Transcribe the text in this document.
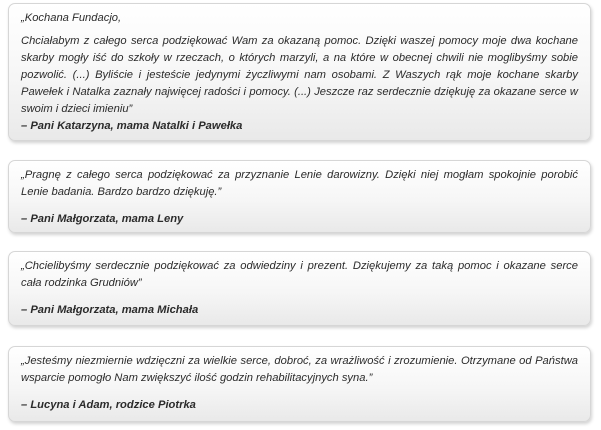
„Kochana Fundacjo,

Chciałabym z całego serca podziękować Wam za okazaną pomoc. Dzięki waszej pomocy moje dwa kochane skarby mogły iść do szkoły w rzeczach, o których marzyli, a na które w obecnej chwili nie moglibyśmy sobie pozwolić. (...) Byliście i jesteście jedynymi życzliwymi nam osobami. Z Waszych rąk moje kochane skarby Pawełek i Natalka zaznały najwięcej radości i pomocy. (...) Jeszcze raz serdecznie dziękuję za okazane serce w swoim i dzieci imieniu”

– Pani Katarzyna, mama Natalki i Pawełka

„Pragnę z całego serca podziękować za przyznanie Lenie darowizny. Dzięki niej mogłam spokojnie porobić Lenie badania. Bardzo bardzo dziękuję.”

– Pani Małgorzata, mama Leny

„Chcielibyśmy serdecznie podziękować za odwiedziny i prezent. Dziękujemy za taką pomoc i okazane serce cała rodzinka Grudniów”

– Pani Małgorzata, mama Michała

„Jesteśmy niezmiernie wdzięczni za wielkie serce, dobroć, za wrażliwość i zrozumienie. Otrzymane od Państwa wsparcie pomogło Nam zwiększyć ilość godzin rehabilitacyjnych syna.”

– Lucyna i Adam, rodzice Piotrka
